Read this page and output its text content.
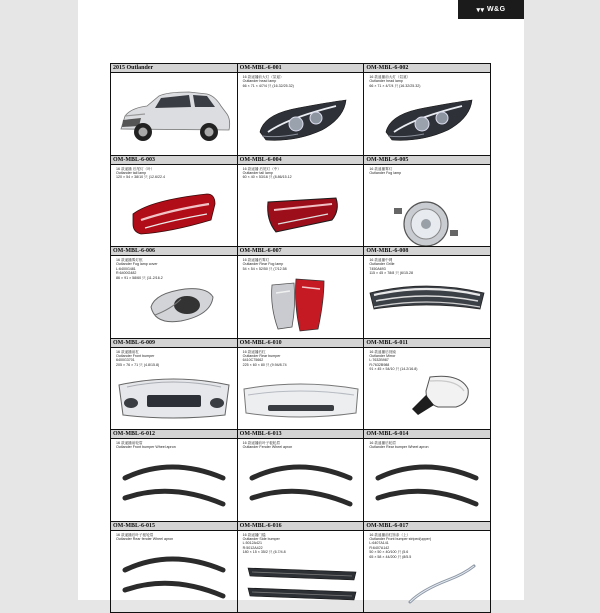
▾▾
W&G
2015 Outlander	OM-MBL-6-001
16 款遥播前大灯（氙氪）
Outlander head lamp
66 × 71 × 4/7/4 只 (16.32/25.32)
OM-MBL-6-002
16 款遥播前大灯（氙氪）
Outlander head lamp
66 × 71 × 4/7/4 只 (16.32/25.32)
OM-MBL-6-003
16 款遥播 后尾灯（叶）
Outlander tail lamp
120 × 54 × 38/10 只 (12.6/22.4
OM-MBL-6-004
16 款遥播 后尾灯（中）
Outlander tail lamp
60 × 40 × 53/16 只 (8.86/15.12
OM-MBL-6-005
16 款遥播雾灯
Outlander Fog lamp
OM-MBL-6-006
16 款遥播雾灯框
Outlander Fog lamp cover
L:6400G481
R:6400G482
86 × 91 × 58/60 只 (11.2/16.2
OM-MBL-6-007
16 款遥播后雾灯
Outlander Rear Fog lamp
54 × 54 × 52/50 只 (7/12.58
OM-MBL-6-008
16 款遥播中网
Outlander Grille
7450A693
115 × 45 × 78/8 只 (6/15.28
OM-MBL-6-009
16 款遥播前杠
Outlander Front bumper
6400G3701
205 × 76 × 71 只 (4.8/15.8)
OM-MBL-6-010
16 款遥播后杠
Outlander Rear bumper
6410C75662
225 × 60 × 80 只 (9.94/8.74
OM-MBL-6-011
16 款遥播后视镜
Outlander Mirror
L:7632B987
R:7632B988
91 × 45 × 54/10 只 (14.2/16.8)
OM-MBL-6-012
16 款遥播前轮眉
Outlander Front bumper Wheel apron
OM-MBL-6-013
16 款遥播前叶子板轮眉
Outlander Fender Wheel apron
OM-MBL-6-014
16 款遥播后轮眉
Outlander Rear bumper Wheel apron
OM-MBL-6-015
16 款遥播后叶子板轮眉
Outlander Rear fender Wheel apron
OM-MBL-6-016
16 款遥播门槛
Outlander Side bumper
L:5012A421
R:5012A422
180 × 15 × 35/2 只 (6.7/4.8
OM-MBL-6-017
16 款遥播前杠饰条（上）
Outlander Front bumper striped(upper)
L:6407A141
R:6407A142
50 × 50 × 40/100 只 (5.6
65 × 58 × 44/200 只 (8/5.5
